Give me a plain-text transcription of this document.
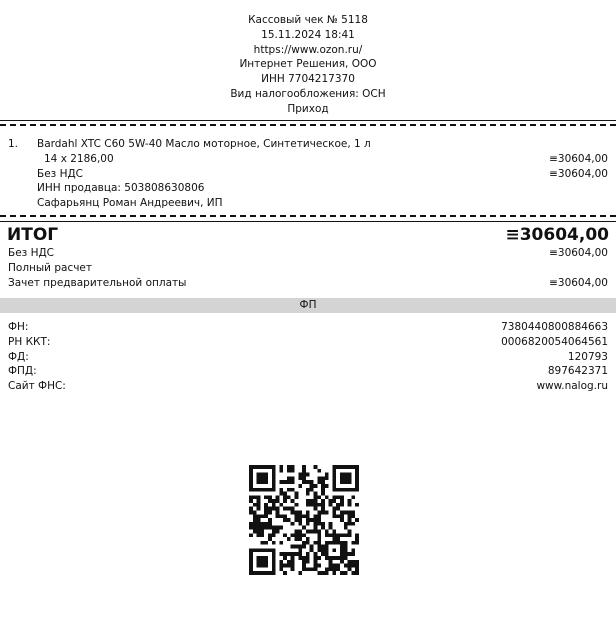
Кассовый чек № 5118
15.11.2024 18:41
https://www.ozon.ru/
Интернет Решения, ООО
ИНН 7704217370
Вид налогообложения: ОСН
Приход
1. Bardahl XTC C60 5W-40 Масло моторное, Синтетическое, 1 л
14 x 2186,00	≡30604,00
Без НДС	≡30604,00
ИНН продавца: 503808630806
Сафарьянц Роман Андреевич, ИП
ИТОГ	≡30604,00
Без НДС	≡30604,00
Полный расчет
Зачет предварительной оплаты	≡30604,00
ФП
ФН:	7380440800884663
РН ККТ:	0006820054064561
ФД:	120793
ФПД:	897642371
Сайт ФНС:	www.nalog.ru
